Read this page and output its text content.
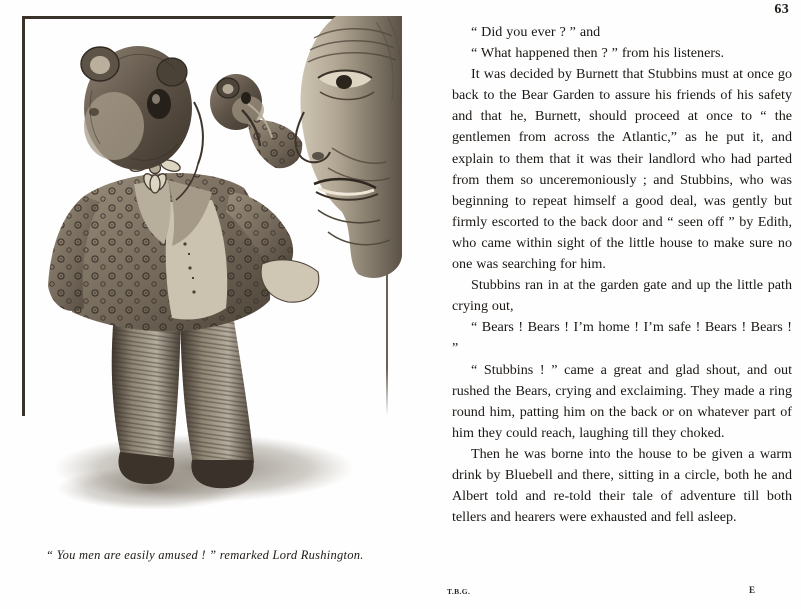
63
“ You men are easily amused ! ” remarked Lord Rushington.

“ Did you ever ? ” and

“ What happened then ? ” from his listeners.

It was decided by Burnett that Stubbins must at once go back to the Bear Garden to assure his friends of his safety and that he, Burnett, should proceed at once to “ the gentlemen from across the Atlantic,” as he put it, and explain to them that it was their landlord who had parted from them so unceremoniously ; and Stubbins, who was beginning to repeat himself a good deal, was gently but firmly escorted to the back door and “ seen off ” by Edith, who came within sight of the little house to make sure no one was searching for him.

Stubbins ran in at the garden gate and up the little path crying out,

“ Bears ! Bears ! I’m home ! I’m safe ! Bears ! Bears ! ”

“ Stubbins ! ” came a great and glad shout, and out rushed the Bears, crying and exclaiming. They made a ring round him, patting him on the back or on whatever part of him they could reach, laughing till they choked.

Then he was borne into the house to be given a warm drink by Bluebell and there, sitting in a circle, both he and Albert told and re-told their tale of adventure till both tellers and hearers were exhausted and fell asleep.

T.B.G.	E
